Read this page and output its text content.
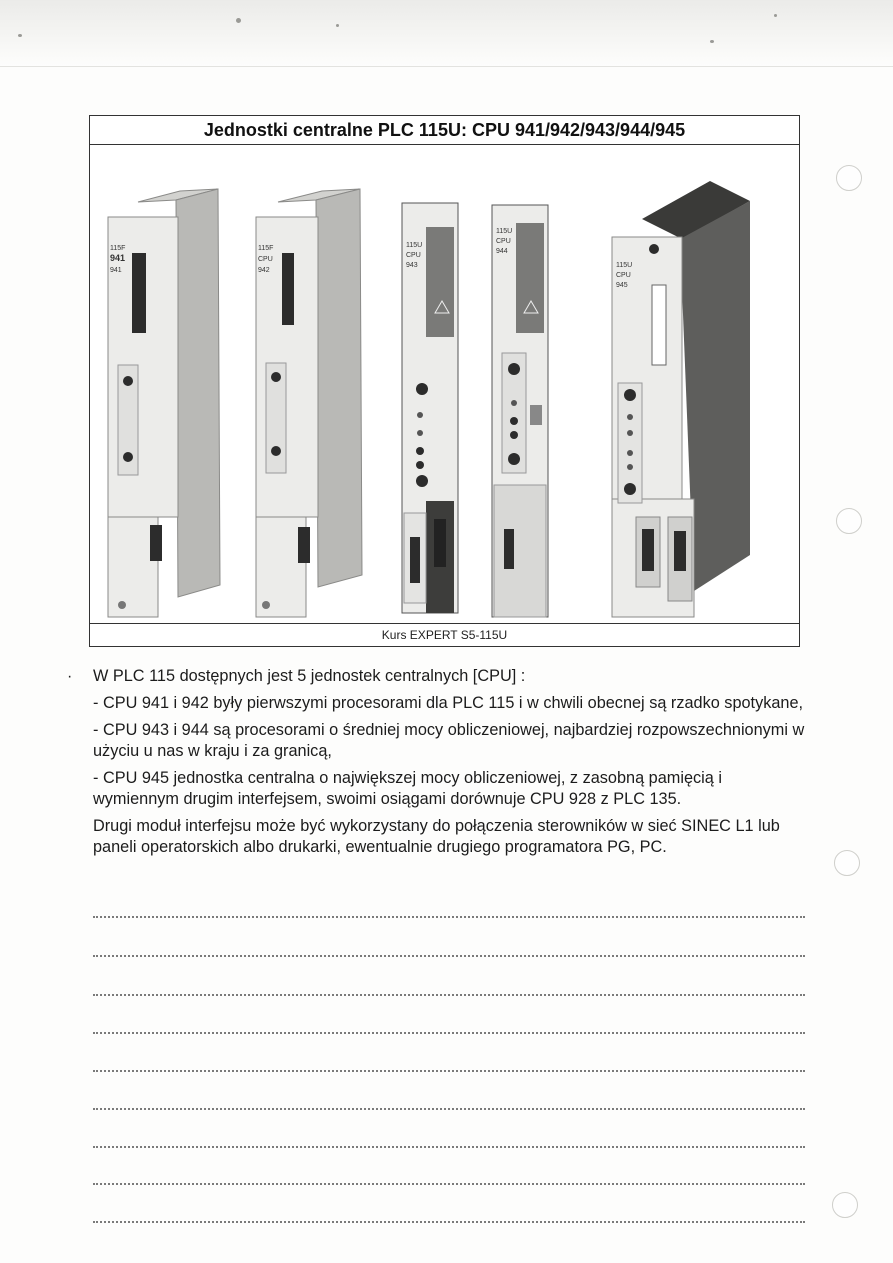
Jednostki centralne PLC 115U: CPU 941/942/943/944/945
115F
941
941
115F
CPU
942
115U
CPU
943
115U
CPU
944
115U
CPU
945
Kurs EXPERT S5-115U

· W PLC 115 dostępnych jest 5 jednostek centralnych [CPU] :

- CPU 941 i 942 były pierwszymi procesorami dla PLC 115 i w chwili obecnej są rzadko spotykane,

- CPU 943 i 944 są procesorami o średniej mocy obliczeniowej, najbardziej rozpowszechnionymi w użyciu u nas w kraju i za granicą,

- CPU 945 jednostka centralna o największej mocy obliczeniowej, z zasobną pamięcią i wymiennym drugim interfejsem, swoimi osiągami dorównuje CPU 928 z PLC 135.

Drugi moduł interfejsu może być wykorzystany do połączenia sterowników w sieć SINEC L1 lub paneli operatorskich albo drukarki, ewentualnie drugiego programatora PG, PC.
